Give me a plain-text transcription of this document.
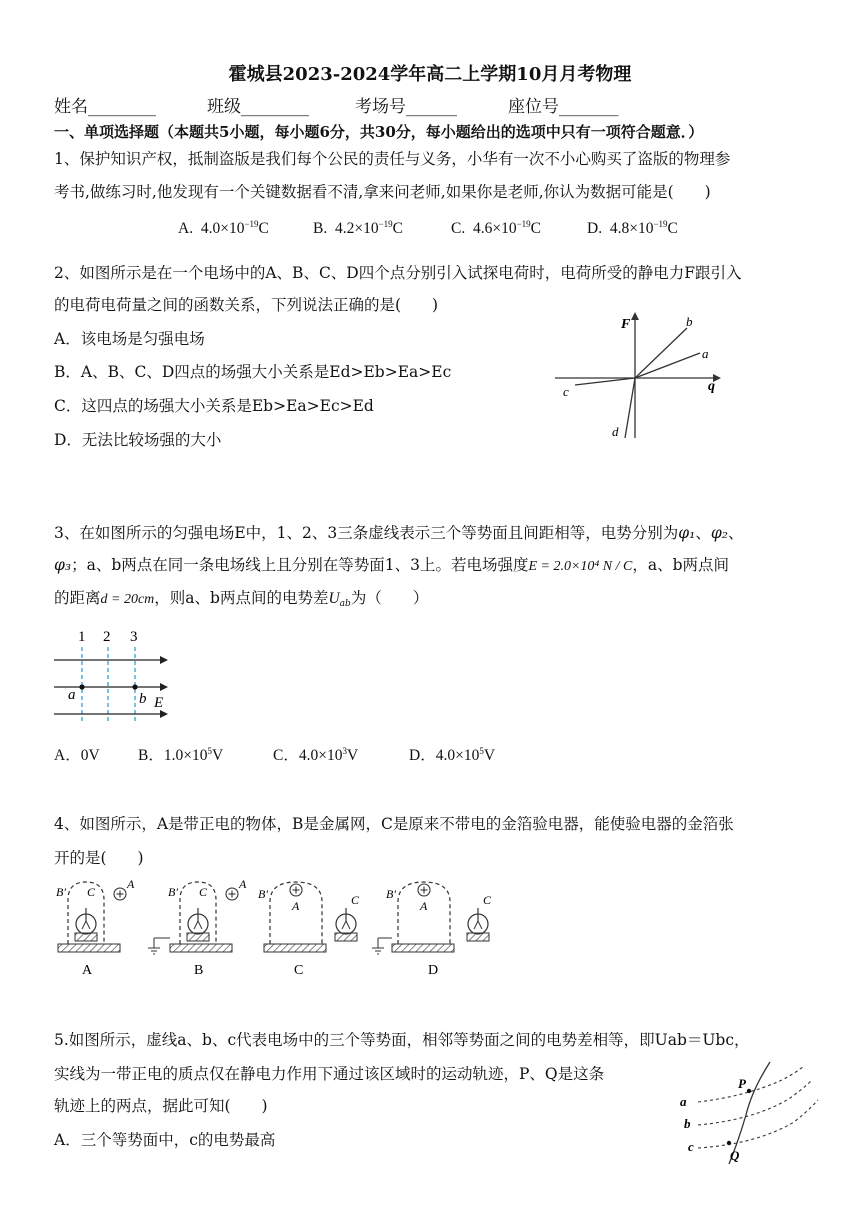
霍城县2023-2024学年高二上学期10月月考物理
姓名________	班级________	考场号______	座位号_______
一、单项选择题（本题共5小题，每小题6分，共30分，每小题给出的选项中只有一项符合题意．）
1、保护知识产权，抵制盗版是我们每个公民的责任与义务，小华有一次不小心购买了盗版的物理参
考书,做练习时,他发现有一个关键数据看不清,拿来问老师,如果你是老师,你认为数据可能是(　　)
A. $4.0\times 10^{-19}C$	B. $4.2\times 10^{-19}C$	C. $4.6\times 10^{-19}C$	D. $4.8\times 10^{-19}C$
2、如图所示是在一个电场中的A、B、C、D四个点分别引入试探电荷时，电荷所受的静电力F跟引入
的电荷电荷量之间的函数关系，下列说法正确的是(　　)
A．该电场是匀强电场
B．A、B、C、D四点的场强大小关系是Ed>Eb>Ea>Ec
C．这四点的场强大小关系是Eb>Ea>Ec>Ed
D．无法比较场强的大小
F
q
b
a
c
d
3、在如图所示的匀强电场E中，1、2、3三条虚线表示三个等势面且间距相等，电势分别为φ₁、φ₂、
φ₃；a、b两点在同一条电场线上且分别在等势面1、3上。若电场强度E = 2.0×10⁴ N / C，a、b两点间
的距离d = 20cm，则a、b两点间的电势差$U_{ab}$为（　　）
1 2 3
a	b E
A．0V B．$1.0\times 10^5V$	C．$4.0\times 10^3V$	D．$4.0\times 10^5V$
4、如图所示，A是带正电的物体，B是金属网，C是原来不带电的金箔验电器，能使验电器的金箔张
开的是(　　)
B′ C
A
A
B′ C
A
B
B′
A	C
C
B′
A	C
D
5.如图所示，虚线a、b、c代表电场中的三个等势面，相邻等势面之间的电势差相等，即Uab＝Ubc，
实线为一带正电的质点仅在静电力作用下通过该区域时的运动轨迹，P、Q是这条
轨迹上的两点，据此可知(　　)
A．三个等势面中，c的电势最高
a
b
c
P
Q
